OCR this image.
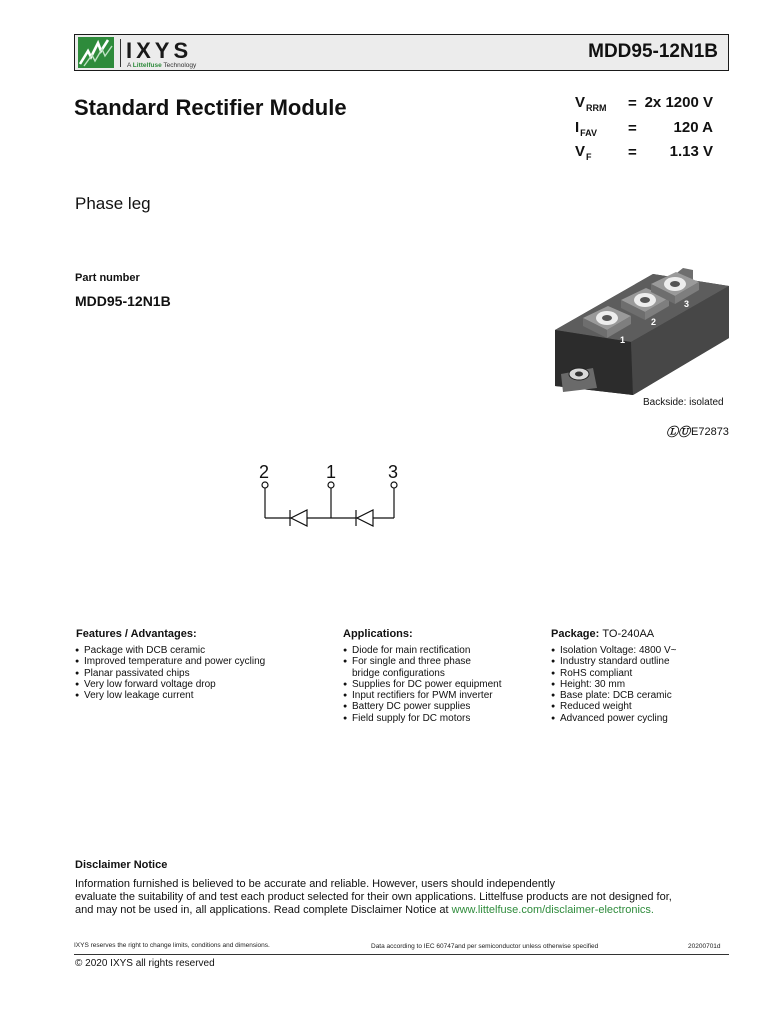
IXYS
A Littelfuse Technology
MDD95-12N1B
Standard Rectifier Module	$V_{RRM} = 2x$ 1200 V
$I_{FAV} = 120$ A
$V_F = 1.13$ V
Phase leg
Part number
MDD95-12N1B
1
2
3
Backside: isolated
ⓁⓊ E72873
2	1	3
Features / Advantages:
● Package with DCB ceramic
● Improved temperature and power cycling
● Planar passivated chips
● Very low forward voltage drop
● Very low leakage current
Applications:
● Diode for main rectification
● For single and three phase
bridge configurations
● Supplies for DC power equipment
● Input rectifiers for PWM inverter
● Battery DC power supplies
● Field supply for DC motors
Package: TO-240AA
● Isolation Voltage: 4800 V~
● Industry standard outline
● RoHS compliant
● Height: 30 mm
● Base plate: DCB ceramic
● Reduced weight
● Advanced power cycling
Disclaimer Notice
Information furnished is believed to be accurate and reliable. However, users should independently
evaluate the suitability of and test each product selected for their own applications. Littelfuse products are not designed for,
and may not be used in, all applications. Read complete Disclaimer Notice at www.littelfuse.com/disclaimer-electronics.
IXYS reserves the right to change limits, conditions and dimensions.	Data according to IEC 60747and per semiconductor unless otherwise specified	20200701d
© 2020 IXYS all rights reserved
